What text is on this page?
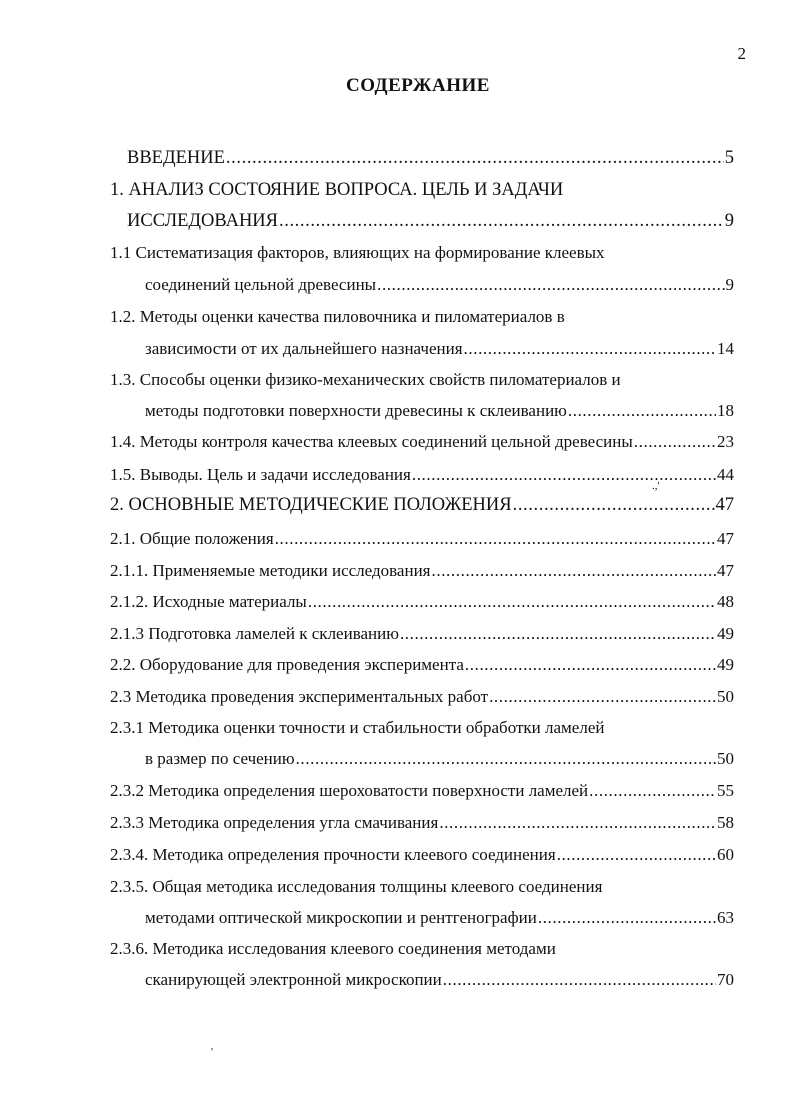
2
СОДЕРЖАНИЕ
ВВЕДЕНИЕ .....	5
1. АНАЛИЗ СОСТОЯНИЕ ВОПРОСА. ЦЕЛЬ И ЗАДАЧИ
ИССЛЕДОВАНИЯ .....	9
1.1 Систематизация факторов, влияющих на формирование клеевых
соединений цельной древесины .....	9
1.2. Методы оценки качества пиловочника и пиломатериалов в
зависимости от их дальнейшего назначения .....	14
1.3. Способы оценки физико-механических свойств пиломатериалов и
методы подготовки поверхности древесины к склеиванию .....	18
1.4. Методы контроля качества клеевых соединений цельной древесины .....	23
1.5. Выводы. Цель и задачи исследования .....	44
.,'
2. ОСНОВНЫЕ МЕТОДИЧЕСКИЕ ПОЛОЖЕНИЯ .....	47
2.1. Общие положения .....	47
2.1.1. Применяемые методики исследования .....	47
2.1.2. Исходные материалы .....	48
2.1.3 Подготовка ламелей к склеиванию .....	49
2.2. Оборудование для проведения эксперимента .....	49
2.3 Методика проведения экспериментальных работ .....	50
2.3.1 Методика оценки точности и стабильности обработки ламелей
в размер по сечению .....	50
2.3.2 Методика определения шероховатости поверхности ламелей .....	55
2.3.3 Методика определения угла смачивания .....	58
2.3.4. Методика определения прочности клеевого соединения .....	60
2.3.5. Общая методика исследования толщины клеевого соединения
методами оптической микроскопии и рентгенографии .....	63
2.3.6. Методика исследования клеевого соединения методами
сканирующей электронной микроскопии .....	70
'
